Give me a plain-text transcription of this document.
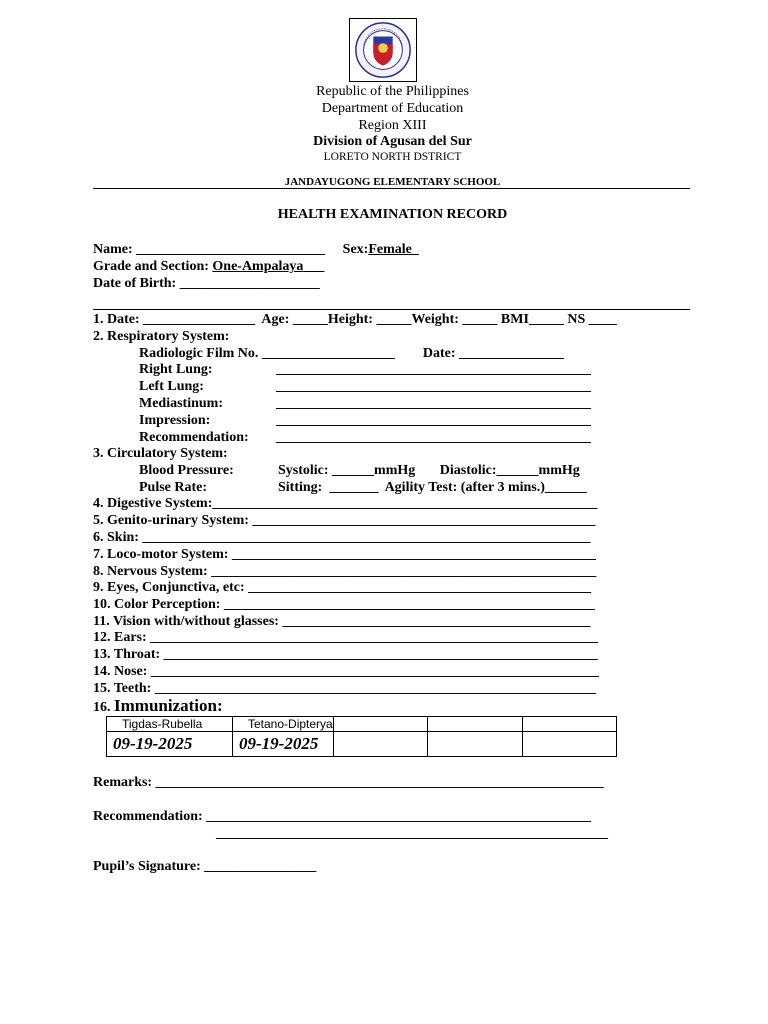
Republic of the Philippines
Department of Education
Region XIII
Division of Agusan del Sur
LORETO NORTH DSTRICT
JANDAYUGONG ELEMENTARY SCHOOL
HEALTH EXAMINATION RECORD
Name: ___________________________     Sex:Female_
Grade and Section: One-Ampalaya
Date of Birth: ____________________
1. Date: ________________  Age: _____Height: _____Weight: _____ BMI_____ NS ____
2. Respiratory System:
Radiologic Film No. ___________________        Date: _______________
Right Lung:	_____________________________________________
Left Lung:	_____________________________________________
Mediastinum:	_____________________________________________
Impression:	_____________________________________________
Recommendation: _____________________________________________
3. Circulatory System:
Blood Pressure:	Systolic: ______mmHg       Diastolic:______mmHg
Pulse Rate:	Sitting:  _______  Agility Test: (after 3 mins.)______
4. Digestive System:_______________________________________________________
5. Genito-urinary System: _________________________________________________
6. Skin: ________________________________________________________________
7. Loco-motor System: ____________________________________________________
8. Nervous System: _______________________________________________________
9. Eyes, Conjunctiva, etc: _________________________________________________
10. Color Perception: _____________________________________________________
11. Vision with/without glasses: ____________________________________________
12. Ears: ________________________________________________________________
13. Throat: ______________________________________________________________
14. Nose: ________________________________________________________________
15. Teeth: _______________________________________________________________
16. Immunization:
Tigdas-Rubella	Tetano-Dipterya			
09-19-2025	09-19-2025			
Remarks: ________________________________________________________________
Recommendation: _______________________________________________________
________________________________________________________
Pupil’s Signature: ________________
